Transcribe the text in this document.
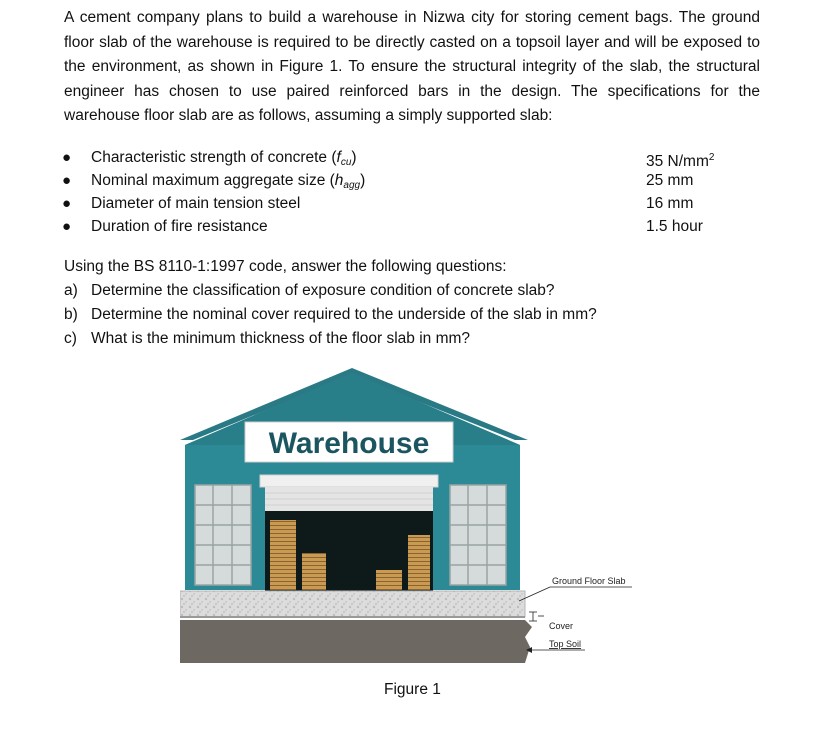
A cement company plans to build a warehouse in Nizwa city for storing cement bags. The ground floor slab of the warehouse is required to be directly casted on a topsoil layer and will be exposed to the environment, as shown in Figure 1. To ensure the structural integrity of the slab, the structural engineer has chosen to use paired reinforced bars in the design. The specifications for the warehouse floor slab are as follows, assuming a simply supported slab:

● Characteristic strength of concrete $(f_{cu})$	35 $N/mm^2$
● Nominal maximum aggregate size $(h_{agg})$	25 mm
● Diameter of main tension steel	16 mm
● Duration of fire resistance	1.5 hour
Using the BS 8110-1:1997 code, answer the following questions:
a) Determine the classification of exposure condition of concrete slab?
b) Determine the nominal cover required to the underside of the slab in mm?
c) What is the minimum thickness of the floor slab in mm?
Warehouse
Ground Floor Slab
Cover
Top Soil
Figure 1
